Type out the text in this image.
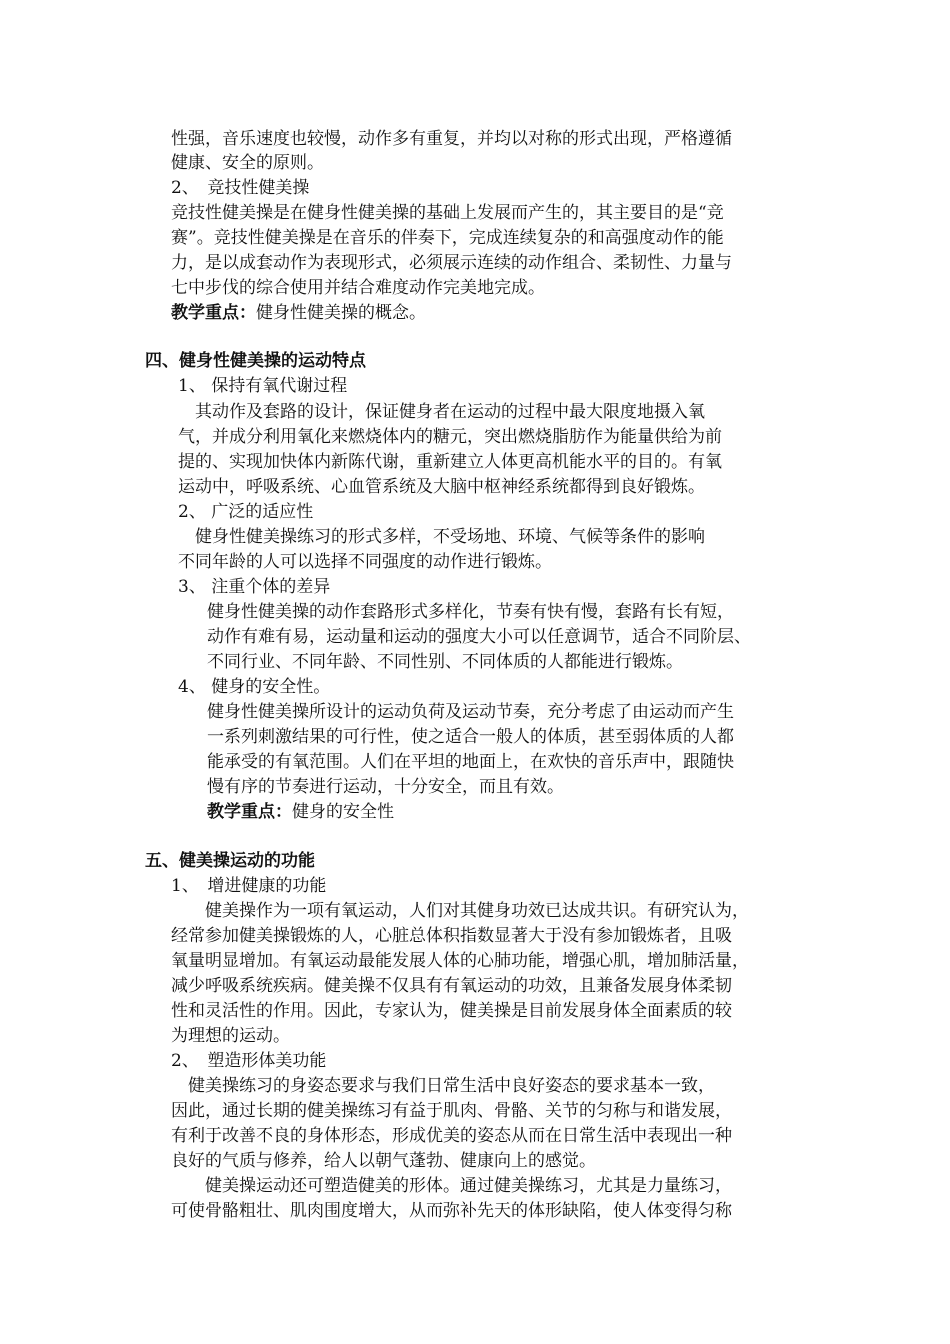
性强，音乐速度也较慢，动作多有重复，并均以对称的形式出现，严格遵循
健康、安全的原则。
2、　竞技性健美操
竞技性健美操是在健身性健美操的基础上发展而产生的，其主要目的是“竞
赛”。竞技性健美操是在音乐的伴奏下，完成连续复杂的和高强度动作的能
力，是以成套动作为表现形式，必须展示连续的动作组合、柔韧性、力量与
七中步伐的综合使用并结合难度动作完美地完成。
教学重点：健身性健美操的概念。
四、健身性健美操的运动特点
1、 保持有氧代谢过程
　其动作及套路的设计，保证健身者在运动的过程中最大限度地摄入氧
气，并成分利用氧化来燃烧体内的糖元，突出燃烧脂肪作为能量供给为前
提的、实现加快体内新陈代谢，重新建立人体更高机能水平的目的。有氧
运动中，呼吸系统、心血管系统及大脑中枢神经系统都得到良好锻炼。
2、 广泛的适应性
　健身性健美操练习的形式多样，不受场地、环境、气候等条件的影响
不同年龄的人可以选择不同强度的动作进行锻炼。
3、 注重个体的差异
健身性健美操的动作套路形式多样化，节奏有快有慢，套路有长有短，
动作有难有易，运动量和运动的强度大小可以任意调节，适合不同阶层、
不同行业、不同年龄、不同性别、不同体质的人都能进行锻炼。
4、 健身的安全性。
健身性健美操所设计的运动负荷及运动节奏，充分考虑了由运动而产生
一系列刺激结果的可行性，使之适合一般人的体质，甚至弱体质的人都
能承受的有氧范围。人们在平坦的地面上，在欢快的音乐声中，跟随快
慢有序的节奏进行运动，十分安全，而且有效。
教学重点：健身的安全性
五、健美操运动的功能
1、　增进健康的功能
　　健美操作为一项有氧运动，人们对其健身功效已达成共识。有研究认为，
经常参加健美操锻炼的人，心脏总体积指数显著大于没有参加锻炼者，且吸
氧量明显增加。有氧运动最能发展人体的心肺功能，增强心肌，增加肺活量，
减少呼吸系统疾病。健美操不仅具有有氧运动的功效，且兼备发展身体柔韧
性和灵活性的作用。因此，专家认为，健美操是目前发展身体全面素质的较
为理想的运动。
2、　塑造形体美功能
　健美操练习的身姿态要求与我们日常生活中良好姿态的要求基本一致，
因此，通过长期的健美操练习有益于肌肉、骨骼、关节的匀称与和谐发展，
有利于改善不良的身体形态，形成优美的姿态从而在日常生活中表现出一种
良好的气质与修养，给人以朝气蓬勃、健康向上的感觉。
　　健美操运动还可塑造健美的形体。通过健美操练习，尤其是力量练习，
可使骨骼粗壮、肌肉围度增大，从而弥补先天的体形缺陷，使人体变得匀称
